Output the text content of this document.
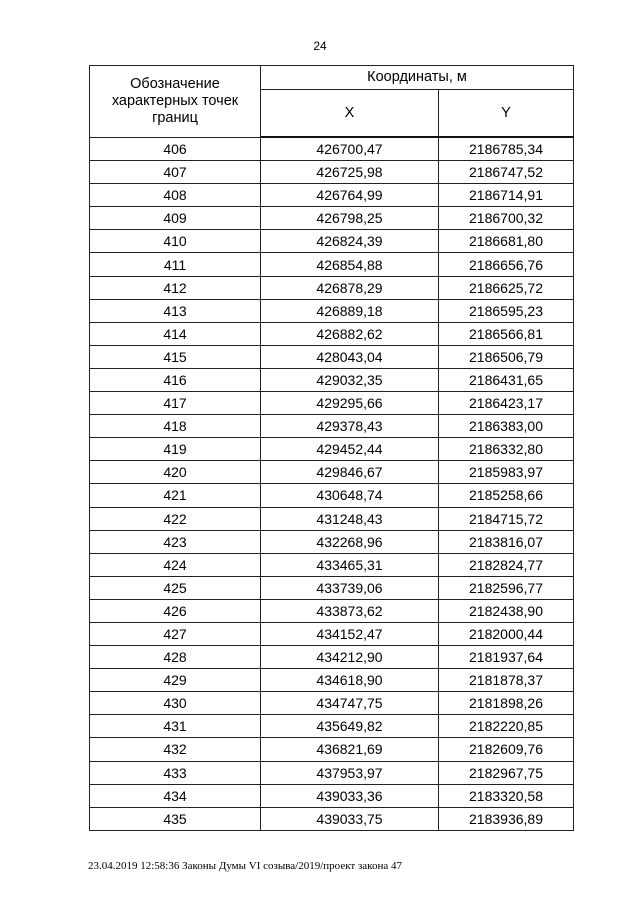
24
Обозначение характерных точек границ	Координаты, м	
	X	Y
406	426700,47	2186785,34
407	426725,98	2186747,52
408	426764,99	2186714,91
409	426798,25	2186700,32
410	426824,39	2186681,80
411	426854,88	2186656,76
412	426878,29	2186625,72
413	426889,18	2186595,23
414	426882,62	2186566,81
415	428043,04	2186506,79
416	429032,35	2186431,65
417	429295,66	2186423,17
418	429378,43	2186383,00
419	429452,44	2186332,80
420	429846,67	2185983,97
421	430648,74	2185258,66
422	431248,43	2184715,72
423	432268,96	2183816,07
424	433465,31	2182824,77
425	433739,06	2182596,77
426	433873,62	2182438,90
427	434152,47	2182000,44
428	434212,90	2181937,64
429	434618,90	2181878,37
430	434747,75	2181898,26
431	435649,82	2182220,85
432	436821,69	2182609,76
433	437953,97	2182967,75
434	439033,36	2183320,58
435	439033,75	2183936,89
23.04.2019 12:58:36 Законы Думы VI созыва/2019/проект закона 47
